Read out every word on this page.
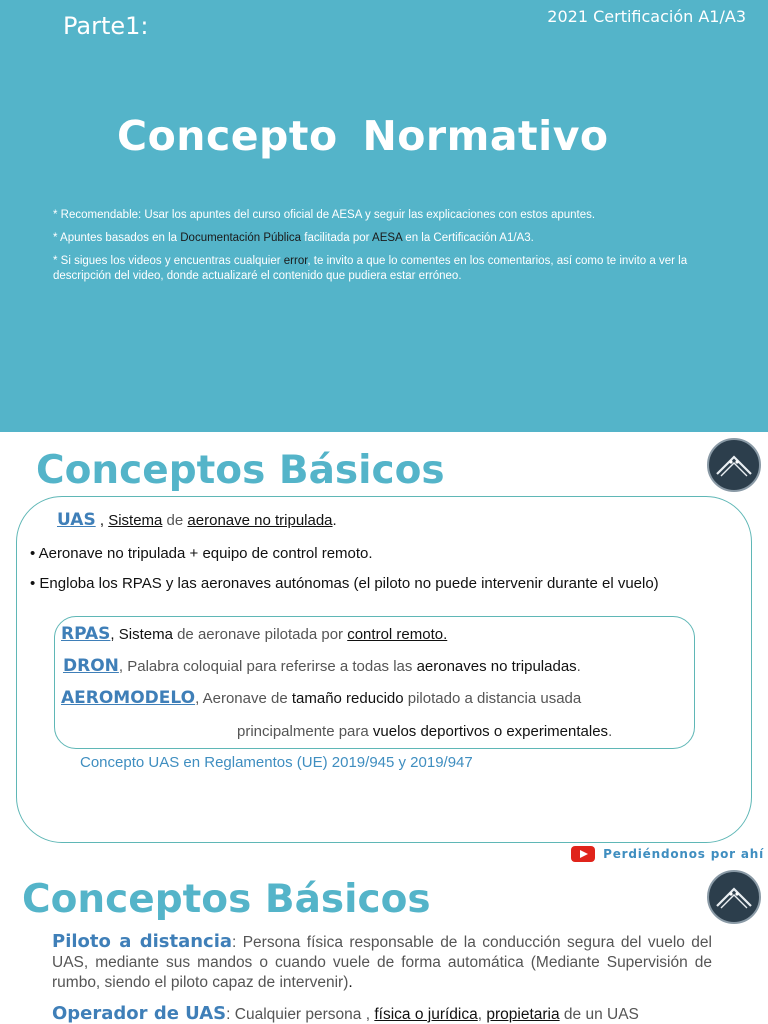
Parte1:	2021 Certificación A1/A3
Concepto Normativo

* Recomendable: Usar los apuntes del curso oficial de AESA y seguir las explicaciones con estos apuntes.

* Apuntes basados en la Documentación Pública facilitada por AESA en la Certificación A1/A3.

* Si sigues los videos y encuentras cualquier error, te invito a que lo comentes en los comentarios, así como te invito a ver la descripción del video, donde actualizaré el contenido que pudiera estar erróneo.

Conceptos Básicos
UAS , Sistema de aeronave no tripulada.
• Aeronave no tripulada + equipo de control remoto.
• Engloba los RPAS y las aeronaves autónomas (el piloto no puede intervenir durante el vuelo)
RPAS, Sistema de aeronave pilotada por control remoto.
DRON, Palabra coloquial para referirse a todas las aeronaves no tripuladas.
AEROMODELO, Aeronave de tamaño reducido pilotado a distancia usada
principalmente para vuelos deportivos o experimentales.
Concepto UAS en Reglamentos (UE) 2019/945 y 2019/947
Perdiéndonos por ahí
Conceptos Básicos
Piloto a distancia: Persona física responsable de la conducción segura del vuelo del UAS, mediante sus mandos o cuando vuele de forma automática (Mediante Supervisión de rumbo, siendo el piloto capaz de intervenir).
Operador de UAS: Cualquier persona , física o jurídica, propietaria de un UAS
